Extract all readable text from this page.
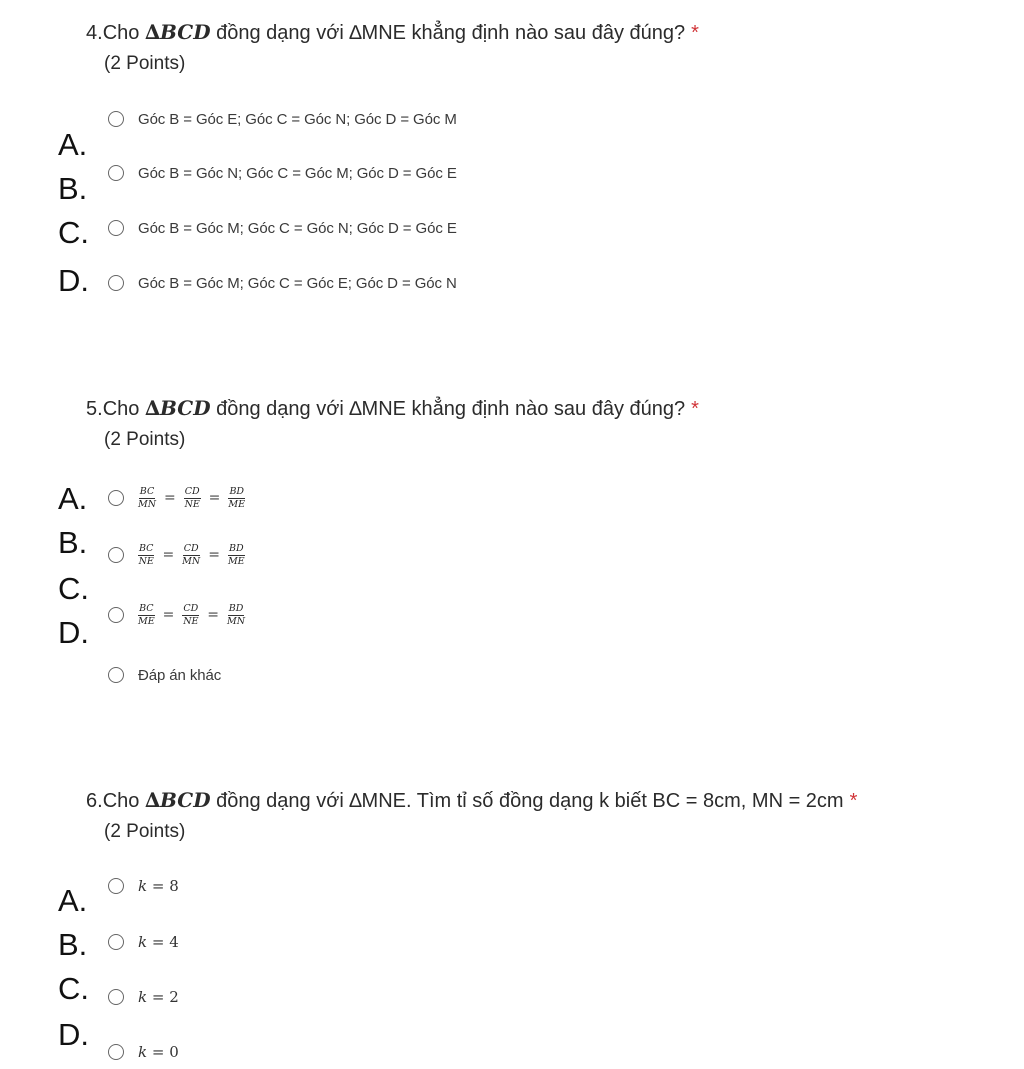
4.Cho ∆BCD đồng dạng với ∆MNE khẳng định nào sau đây đúng? *
(2 Points)
Góc B = Góc E; Góc C = Góc N; Góc D = Góc M
Góc B = Góc N; Góc C = Góc M; Góc D = Góc E
Góc B = Góc M; Góc C = Góc N; Góc D = Góc E
Góc B = Góc M; Góc C = Góc E; Góc D = Góc N
A.
B.
C.
D.
5.Cho ∆BCD đồng dạng với ∆MNE khẳng định nào sau đây đúng? *
(2 Points)
$\frac{BC}{MN} = \frac{CD}{NE} = \frac{BD}{ME}$
$\frac{BC}{NE} = \frac{CD}{MN} = \frac{BD}{ME}$
$\frac{BC}{ME} = \frac{CD}{NE} = \frac{BD}{MN}$
Đáp án khác
A.
B.
C.
D.
6.Cho ∆BCD đồng dạng với ∆MNE. Tìm tỉ số đồng dạng k biết BC = 8cm, MN = 2cm *
(2 Points)
k = 8
k = 4
k = 2
k = 0
A.
B.
C.
D.
